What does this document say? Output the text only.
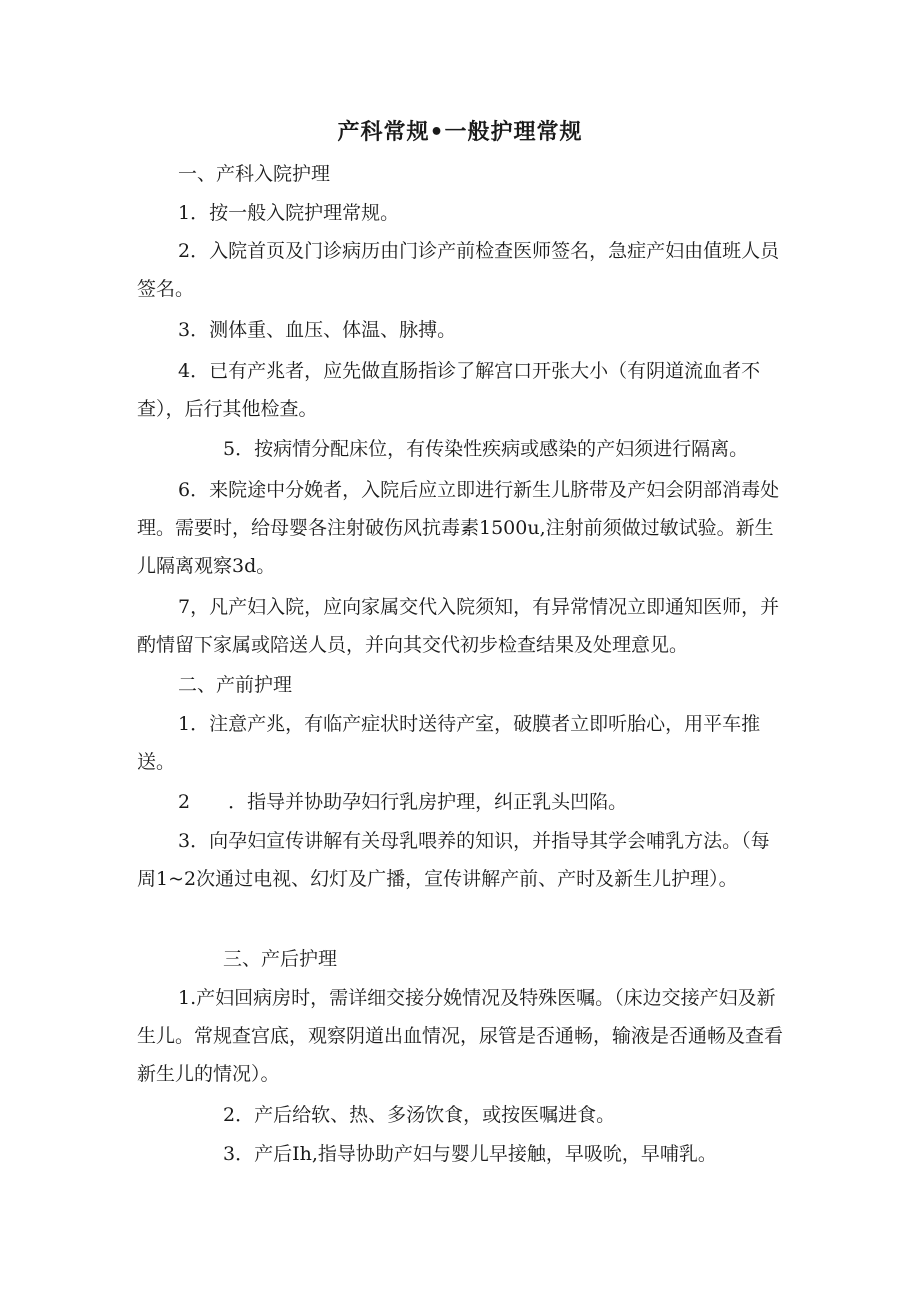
产科常规•一般护理常规

一、产科入院护理

1．按一般入院护理常规。

2．入院首页及门诊病历由门诊产前检查医师签名，急症产妇由值班人员签名。

3．测体重、血压、体温、脉搏。

4．已有产兆者，应先做直肠指诊了解宫口开张大小（有阴道流血者不查），后行其他检查。

5．按病情分配床位，有传染性疾病或感染的产妇须进行隔离。

6．来院途中分娩者，入院后应立即进行新生儿脐带及产妇会阴部消毒处理。需要时，给母婴各注射破伤风抗毒素1500u,注射前须做过敏试验。新生儿隔离观察3d。

7，凡产妇入院，应向家属交代入院须知，有异常情况立即通知医师，并酌情留下家属或陪送人员，并向其交代初步检查结果及处理意见。

二、产前护理

1．注意产兆，有临产症状时送待产室，破膜者立即听胎心，用平车推送。

2　　．指导并协助孕妇行乳房护理，纠正乳头凹陷。

3．向孕妇宣传讲解有关母乳喂养的知识，并指导其学会哺乳方法。（每周1~2次通过电视、幻灯及广播，宣传讲解产前、产时及新生儿护理）。

三、产后护理

1.产妇回病房时，需详细交接分娩情况及特殊医嘱。（床边交接产妇及新生儿。常规查宫底，观察阴道出血情况，尿管是否通畅，输液是否通畅及查看新生儿的情况）。

2．产后给软、热、多汤饮食，或按医嘱进食。

3．产后Ih,指导协助产妇与婴儿早接触，早吸吮，早哺乳。
